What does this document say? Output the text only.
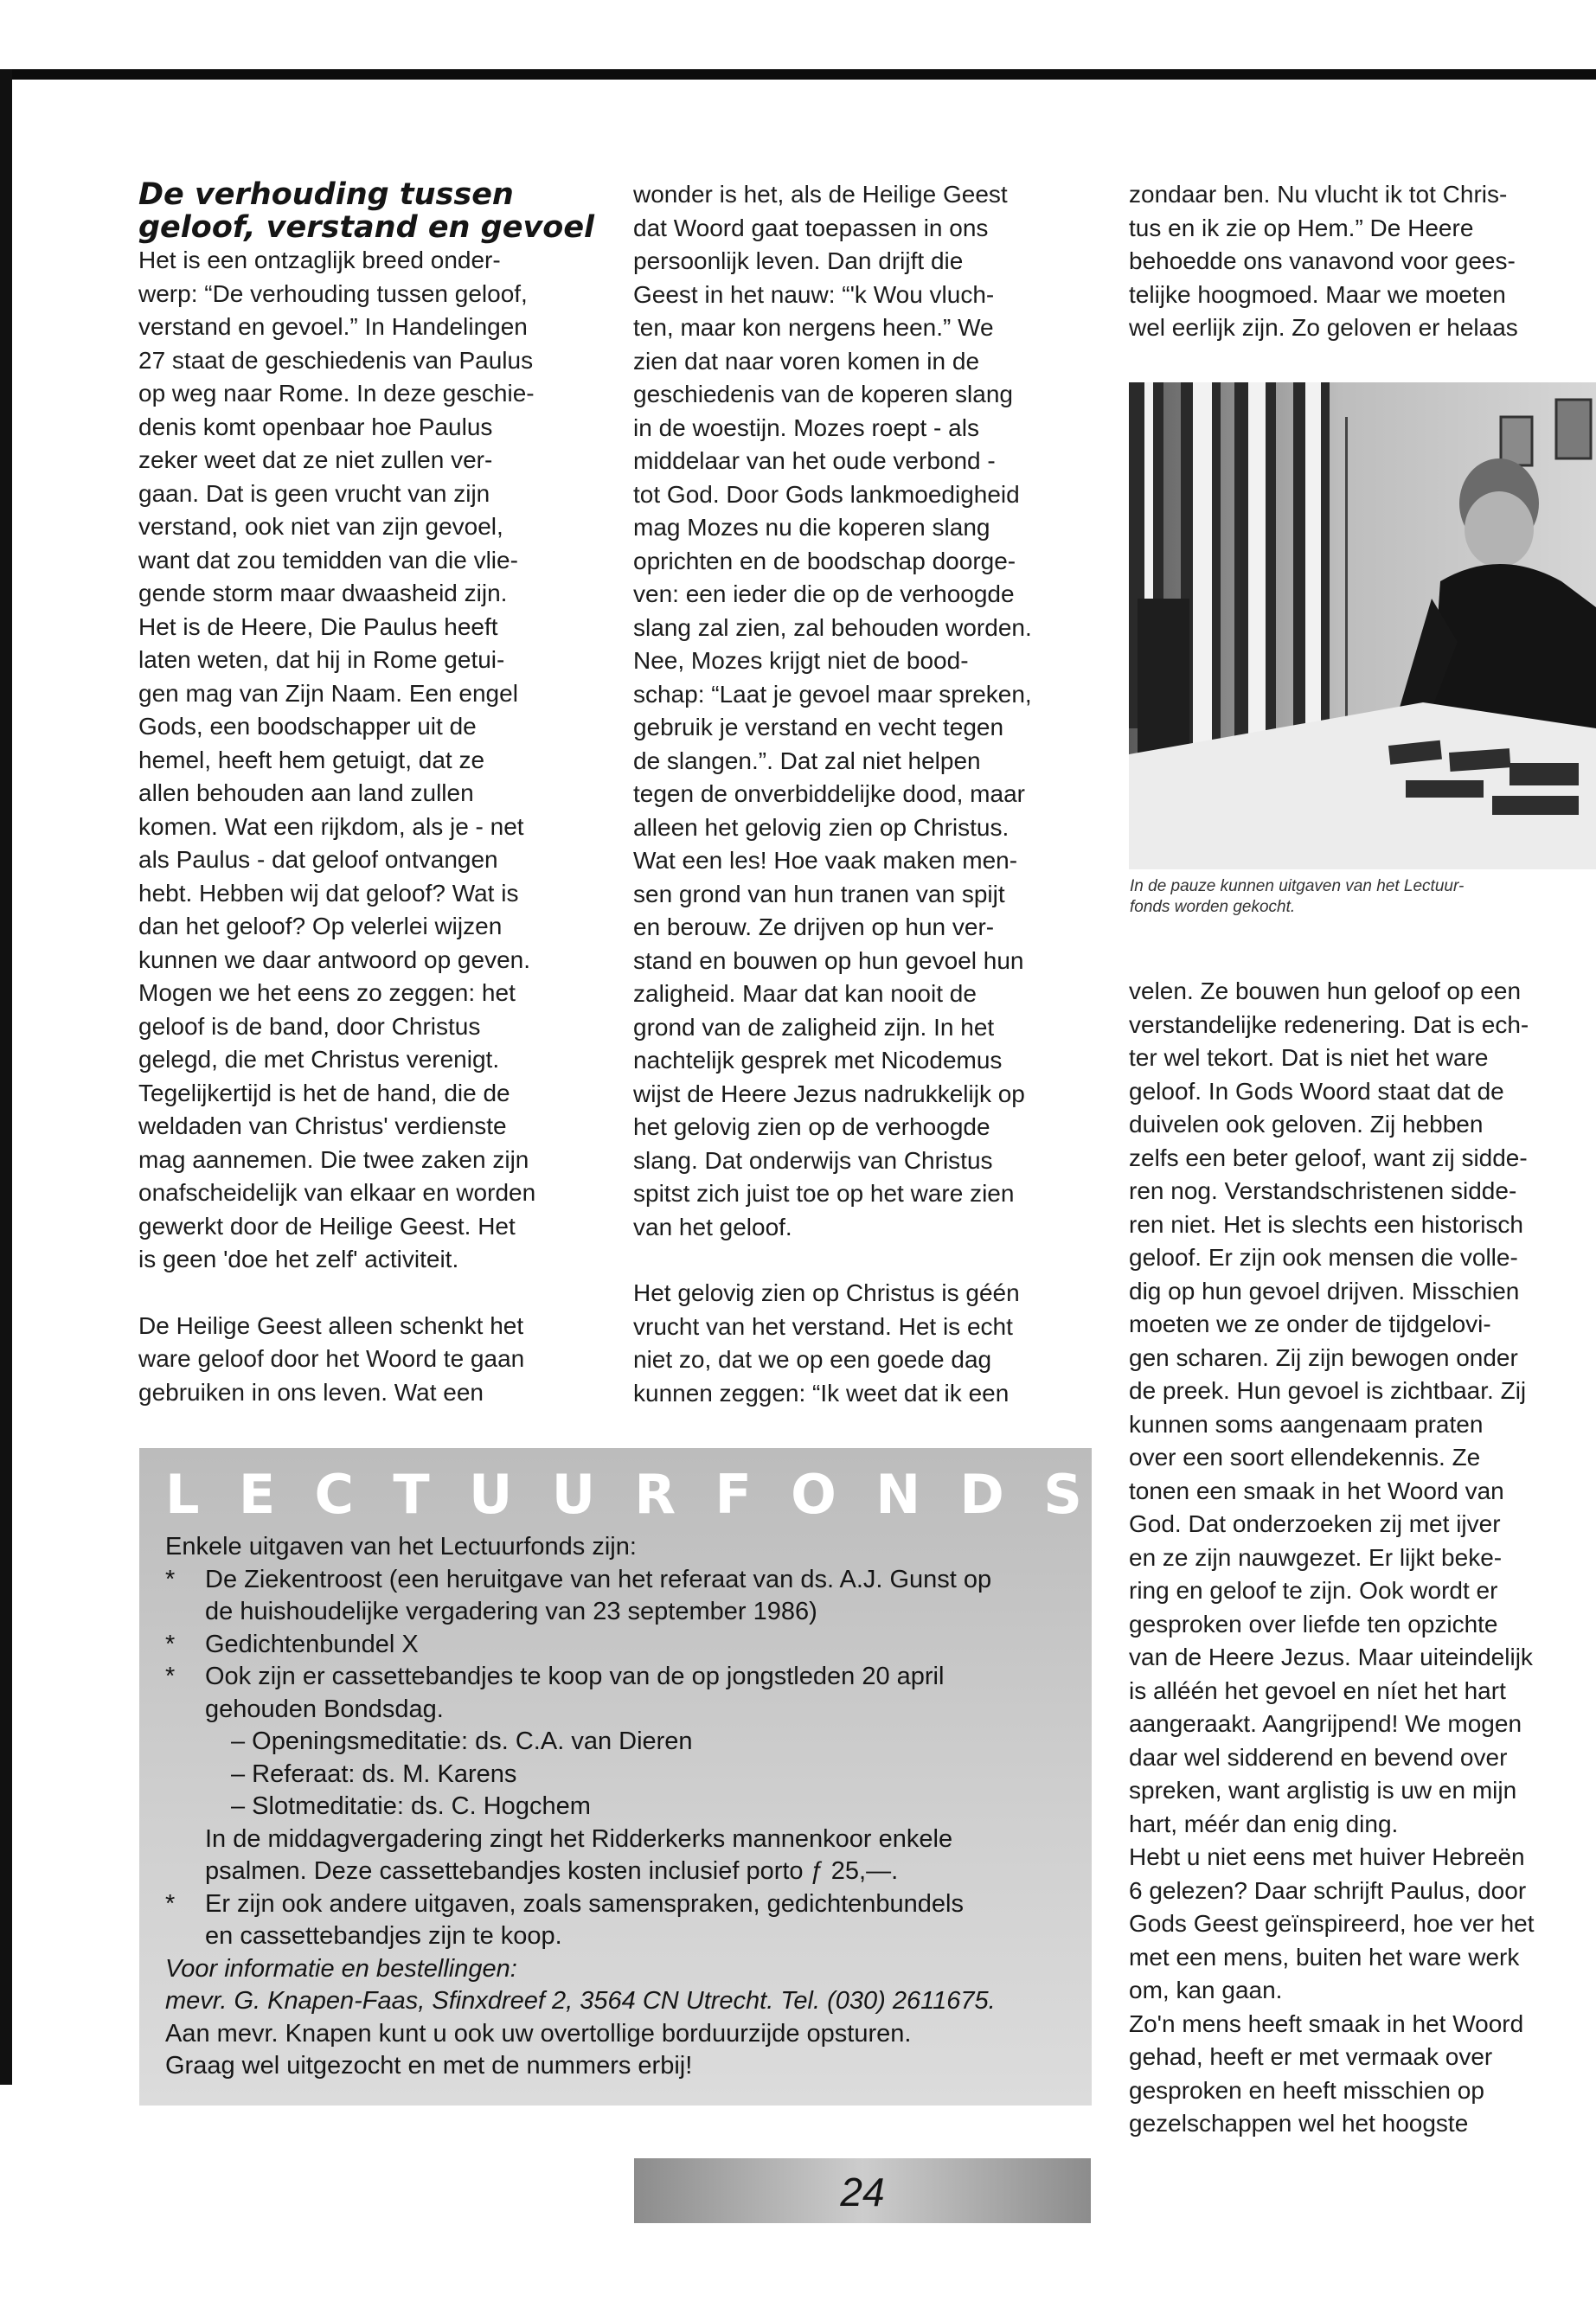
De verhouding tussen

geloof, verstand en gevoel

Het is een ontzaglijk breed onder-

werp: “De verhouding tussen geloof,

verstand en gevoel.” In Handelingen

27 staat de geschiedenis van Paulus

op weg naar Rome. In deze geschie-

denis komt openbaar hoe Paulus

zeker weet dat ze niet zullen ver-

gaan. Dat is geen vrucht van zijn

verstand, ook niet van zijn gevoel,

want dat zou temidden van die vlie-

gende storm maar dwaasheid zijn.

Het is de Heere, Die Paulus heeft

laten weten, dat hij in Rome getui-

gen mag van Zijn Naam. Een engel

Gods, een boodschapper uit de

hemel, heeft hem getuigt, dat ze

allen behouden aan land zullen

komen. Wat een rijkdom, als je - net

als Paulus - dat geloof ontvangen

hebt. Hebben wij dat geloof? Wat is

dan het geloof? Op velerlei wijzen

kunnen we daar antwoord op geven.

Mogen we het eens zo zeggen: het

geloof is de band, door Christus

gelegd, die met Christus verenigt.

Tegelijkertijd is het de hand, die de

weldaden van Christus' verdienste

mag aannemen. Die twee zaken zijn

onafscheidelijk van elkaar en worden

gewerkt door de Heilige Geest. Het

is geen 'doe het zelf' activiteit.

De Heilige Geest alleen schenkt het

ware geloof door het Woord te gaan

gebruiken in ons leven. Wat een

wonder is het, als de Heilige Geest

dat Woord gaat toepassen in ons

persoonlijk leven. Dan drijft die

Geest in het nauw: “'k Wou vluch-

ten, maar kon nergens heen.” We

zien dat naar voren komen in de

geschiedenis van de koperen slang

in de woestijn. Mozes roept - als

middelaar van het oude verbond -

tot God. Door Gods lankmoedigheid

mag Mozes nu die koperen slang

oprichten en de boodschap doorge-

ven: een ieder die op de verhoogde

slang zal zien, zal behouden worden.

Nee, Mozes krijgt niet de bood-

schap: “Laat je gevoel maar spreken,

gebruik je verstand en vecht tegen

de slangen.”. Dat zal niet helpen

tegen de onverbiddelijke dood, maar

alleen het gelovig zien op Christus.

Wat een les! Hoe vaak maken men-

sen grond van hun tranen van spijt

en berouw. Ze drijven op hun ver-

stand en bouwen op hun gevoel hun

zaligheid. Maar dat kan nooit de

grond van de zaligheid zijn. In het

nachtelijk gesprek met Nicodemus

wijst de Heere Jezus nadrukkelijk op

het gelovig zien op de verhoogde

slang. Dat onderwijs van Christus

spitst zich juist toe op het ware zien

van het geloof.

Het gelovig zien op Christus is géén

vrucht van het verstand. Het is echt

niet zo, dat we op een goede dag

kunnen zeggen: “Ik weet dat ik een

zondaar ben. Nu vlucht ik tot Chris-

tus en ik zie op Hem.” De Heere

behoedde ons vanavond voor gees-

telijke hoogmoed. Maar we moeten

wel eerlijk zijn. Zo geloven er helaas

In de pauze kunnen uitgaven van het Lectuur-
fonds worden gekocht.

velen. Ze bouwen hun geloof op een

verstandelijke redenering. Dat is ech-

ter wel tekort. Dat is niet het ware

geloof. In Gods Woord staat dat de

duivelen ook geloven. Zij hebben

zelfs een beter geloof, want zij sidde-

ren nog. Verstandschristenen sidde-

ren niet. Het is slechts een historisch

geloof. Er zijn ook mensen die volle-

dig op hun gevoel drijven. Misschien

moeten we ze onder de tijdgelovi-

gen scharen. Zij zijn bewogen onder

de preek. Hun gevoel is zichtbaar. Zij

kunnen soms aangenaam praten

over een soort ellendekennis. Ze

tonen een smaak in het Woord van

God. Dat onderzoeken zij met ijver

en ze zijn nauwgezet. Er lijkt beke-

ring en geloof te zijn. Ook wordt er

gesproken over liefde ten opzichte

van de Heere Jezus. Maar uiteindelijk

is alléén het gevoel en níet het hart

aangeraakt. Aangrijpend! We mogen

daar wel sidderend en bevend over

spreken, want arglistig is uw en mijn

hart, méér dan enig ding.

Hebt u niet eens met huiver Hebreën

6 gelezen? Daar schrijft Paulus, door

Gods Geest geïnspireerd, hoe ver het

met een mens, buiten het ware werk

om, kan gaan.

Zo'n mens heeft smaak in het Woord

gehad, heeft er met vermaak over

gesproken en heeft misschien op

gezelschappen wel het hoogste

L E C T U U R F O N D S

Enkele uitgaven van het Lectuurfonds zijn:

* De Ziekentroost (een heruitgave van het referaat van ds. A.J. Gunst op

de huishoudelijke vergadering van 23 september 1986)

* Gedichtenbundel X

* Ook zijn er cassettebandjes te koop van de op jongstleden 20 april

gehouden Bondsdag.

– Openingsmeditatie: ds. C.A. van Dieren

– Referaat: ds. M. Karens

– Slotmeditatie: ds. C. Hogchem

In de middagvergadering zingt het Ridderkerks mannenkoor enkele

psalmen. Deze cassettebandjes kosten inclusief porto ƒ 25,—.

* Er zijn ook andere uitgaven, zoals samenspraken, gedichtenbundels

en cassettebandjes zijn te koop.

Voor informatie en bestellingen:

mevr. G. Knapen-Faas, Sfinxdreef 2, 3564 CN Utrecht. Tel. (030) 2611675.

Aan mevr. Knapen kunt u ook uw overtollige borduurzijde opsturen.

Graag wel uitgezocht en met de nummers erbij!

24
